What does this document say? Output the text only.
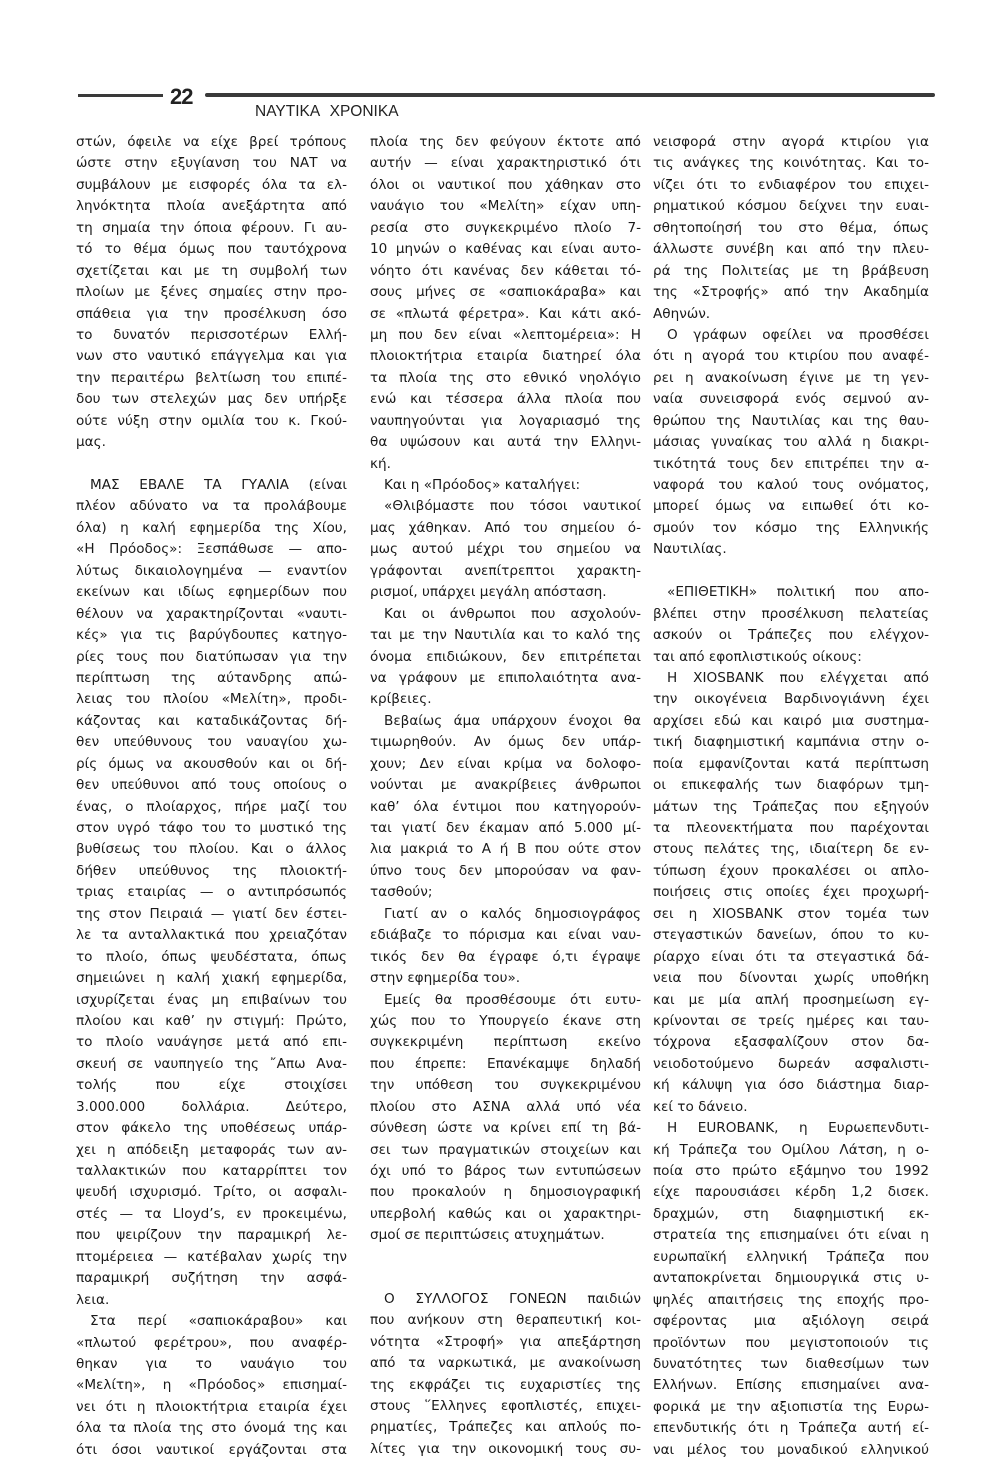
22
ΝΑΥΤΙΚΑ ΧΡΟΝΙΚΑ
στών, όφειλε να είχε βρεί τρόπους
ώστε στην εξυγίανση του ΝΑΤ να
συμβάλουν με εισφορές όλα τα ελ-
ληνόκτητα πλοία ανεξάρτητα από
τη σημαία την όποια φέρουν. Γι αυ-
τό το θέμα όμως που ταυτόχρονα
σχετίζεται και με τη συμβολή των
πλοίων με ξένες σημαίες στην προ-
σπάθεια για την προσέλκυση όσο
το δυνατόν περισσοτέρων Ελλή-
νων στο ναυτικό επάγγελμα και για
την περαιτέρω βελτίωση του επιπέ-
δου των στελεχών μας δεν υπήρξε
ούτε νύξη στην ομιλία του κ. Γκού-
μας.
ΜΑΣ ΕΒΑΛΕ ΤΑ ΓΥΑΛΙΑ (είναι
πλέον αδύνατο να τα προλάβουμε
όλα) η καλή εφημερίδα της Χίου,
«Η Πρόοδος»: Ξεσπάθωσε — απο-
λύτως δικαιολογημένα — εναντίον
εκείνων και ιδίως εφημερίδων που
θέλουν να χαρακτηρίζονται «ναυτι-
κές» για τις βαρύγδουπες κατηγο-
ρίες τους που διατύπωσαν για την
περίπτωση της αύτανδρης απώ-
λειας του πλοίου «Μελίτη», προδι-
κάζοντας και καταδικάζοντας δή-
θεν υπεύθυνους του ναυαγίου χω-
ρίς όμως να ακουσθούν και οι δή-
θεν υπεύθυνοι από τους οποίους ο
ένας, ο πλοίαρχος, πήρε μαζί του
στον υγρό τάφο του το μυστικό της
βυθίσεως του πλοίου. Και ο άλλος
δήθεν υπεύθυνος της πλοιοκτή-
τριας εταιρίας — ο αντιπρόσωπός
της στον Πειραιά — γιατί δεν έστει-
λε τα ανταλλακτικά που χρειαζόταν
το πλοίο, όπως ψευδέστατα, όπως
σημειώνει η καλή χιακή εφημερίδα,
ισχυρίζεται ένας μη επιβαίνων του
πλοίου και καθ’ ην στιγμή: Πρώτο,
το πλοίο ναυάγησε μετά από επι-
σκευή σε ναυπηγείο της ῎Απω Ανα-
τολής που είχε στοιχίσει
3.000.000 δολλάρια. Δεύτερο,
στον φάκελο της υποθέσεως υπάρ-
χει η απόδειξη μεταφοράς των αν-
ταλλακτικών που καταρρίπτει τον
ψευδή ισχυρισμό. Τρίτο, οι ασφαλι-
στές — τα Lloyd’s, εν προκειμένω,
που ψειρίζουν την παραμικρή λε-
πτομέρειεα — κατέβαλαν χωρίς την
παραμικρή συζήτηση την ασφά-
λεια.
Στα περί «σαπιοκάραβου» και
«πλωτού φερέτρου», που αναφέρ-
θηκαν για το ναυάγιο του
«Μελίτη», η «Πρόοδος» επισημαί-
νει ότι η πλοιοκτήτρια εταιρία έχει
όλα τα πλοία της στο όνομά της και
ότι όσοι ναυτικοί εργάζονται στα
πλοία της δεν φεύγουν έκτοτε από
αυτήν — είναι χαρακτηριστικό ότι
όλοι οι ναυτικοί που χάθηκαν στο
ναυάγιο του «Μελίτη» είχαν υπη-
ρεσία στο συγκεκριμένο πλοίο 7-
10 μηνών ο καθένας και είναι αυτο-
νόητο ότι κανένας δεν κάθεται τό-
σους μήνες σε «σαπιοκάραβα» και
σε «πλωτά φέρετρα». Και κάτι ακό-
μη που δεν είναι «λεπτομέρεια»: Η
πλοιοκτήτρια εταιρία διατηρεί όλα
τα πλοία της στο εθνικό νηολόγιο
ενώ και τέσσερα άλλα πλοία που
ναυπηγούνται για λογαριασμό της
θα υψώσουν και αυτά την Ελληνι-
κή.
Και η «Πρόοδος» καταλήγει:
«Θλιβόμαστε που τόσοι ναυτικοί
μας χάθηκαν. Από του σημείου ό-
μως αυτού μέχρι του σημείου να
γράφονται ανεπίτρεπτοι χαρακτη-
ρισμοί, υπάρχει μεγάλη απόσταση.
Και οι άνθρωποι που ασχολούν-
ται με την Ναυτιλία και το καλό της
όνομα επιδιώκουν, δεν επιτρέπεται
να γράφουν με επιπολαιότητα ανα-
κρίβειες.
Βεβαίως άμα υπάρχουν ένοχοι θα
τιμωρηθούν. Αν όμως δεν υπάρ-
χουν; Δεν είναι κρίμα να δολοφο-
νούνται με ανακρίβειες άνθρωποι
καθ’ όλα έντιμοι που κατηγορούν-
ται γιατί δεν έκαμαν από 5.000 μί-
λια μακριά το Α ή Β που ούτε στον
ύπνο τους δεν μπορούσαν να φαν-
τασθούν;
Γιατί αν ο καλός δημοσιογράφος
εδιάβαζε το πόρισμα και είναι ναυ-
τικός δεν θα έγραφε ό,τι έγραψε
στην εφημερίδα του».
Εμείς θα προσθέσουμε ότι ευτυ-
χώς που το Υπουργείο έκανε στη
συγκεκριμένη περίπτωση εκείνο
που έπρεπε: Επανέκαμψε δηλαδή
την υπόθεση του συγκεκριμένου
πλοίου στο ΑΣΝΑ αλλά υπό νέα
σύνθεση ώστε να κρίνει επί τη βά-
σει των πραγματικών στοιχείων και
όχι υπό το βάρος των εντυπώσεων
που προκαλούν η δημοσιογραφική
υπερβολή καθώς και οι χαρακτηρι-
σμοί σε περιπτώσεις ατυχημάτων.
Ο ΣΥΛΛΟΓΟΣ ΓΟΝΕΩΝ παιδιών
που ανήκουν στη θεραπευτική κοι-
νότητα «Στροφή» για απεξάρτηση
από τα ναρκωτικά, με ανακοίνωση
της εκφράζει τις ευχαριστίες της
στους ῞Ελληνες εφοπλιστές, επιχει-
ρηματίες, Τράπεζες και απλούς πο-
λίτες για την οικονομική τους συ-
νεισφορά στην αγορά κτιρίου για
τις ανάγκες της κοινότητας. Και το-
νίζει ότι το ενδιαφέρον του επιχει-
ρηματικού κόσμου δείχνει την ευαι-
σθητοποίησή του στο θέμα, όπως
άλλωστε συνέβη και από την πλευ-
ρά της Πολιτείας με τη βράβευση
της «Στροφής» από την Ακαδημία
Αθηνών.
Ο γράφων οφείλει να προσθέσει
ότι η αγορά του κτιρίου που αναφέ-
ρει η ανακοίνωση έγινε με τη γεν-
ναία συνεισφορά ενός σεμνού αν-
θρώπου της Ναυτιλίας και της θαυ-
μάσιας γυναίκας του αλλά η διακρι-
τικότητά τους δεν επιτρέπει την α-
ναφορά του καλού τους ονόματος,
μπορεί όμως να ειπωθεί ότι κο-
σμούν τον κόσμο της Ελληνικής
Ναυτιλίας.
«ΕΠΙΘΕΤΙΚΗ» πολιτική που απο-
βλέπει στην προσέλκυση πελατείας
ασκούν οι Τράπεζες που ελέγχον-
ται από εφοπλιστικούς οίκους:
Η XIOSBANK που ελέγχεται από
την οικογένεια Βαρδινογιάννη έχει
αρχίσει εδώ και καιρό μια συστημα-
τική διαφημιστική καμπάνια στην ο-
ποία εμφανίζονται κατά περίπτωση
οι επικεφαλής των διαφόρων τμη-
μάτων της Τράπεζας που εξηγούν
τα πλεονεκτήματα που παρέχονται
στους πελάτες της, ιδιαίτερη δε εν-
τύπωση έχουν προκαλέσει οι απλο-
ποιήσεις στις οποίες έχει προχωρή-
σει η XIOSBANK στον τομέα των
στεγαστικών δανείων, όπου το κυ-
ρίαρχο είναι ότι τα στεγαστικά δά-
νεια που δίνονται χωρίς υποθήκη
και με μία απλή προσημείωση εγ-
κρίνονται σε τρείς ημέρες και ταυ-
τόχρονα εξασφαλίζουν στον δα-
νειοδοτούμενο δωρεάν ασφαλιστι-
κή κάλυψη για όσο διάστημα διαρ-
κεί το δάνειο.
Η EUROBANK, η Ευρωεπενδυτι-
κή Τράπεζα του Ομίλου Λάτση, η ο-
ποία στο πρώτο εξάμηνο του 1992
είχε παρουσιάσει κέρδη 1,2 δισεκ.
δραχμών, στη διαφημιστική εκ-
στρατεία της επισημαίνει ότι είναι η
ευρωπαϊκή ελληνική Τράπεζα που
ανταποκρίνεται δημιουργικά στις υ-
ψηλές απαιτήσεις της εποχής προ-
σφέροντας μια αξιόλογη σειρά
προϊόντων που μεγιστοποιούν τις
δυνατότητες των διαθεσίμων των
Ελλήνων. Επίσης επισημαίνει ανα-
φορικά με την αξιοπιστία της Ευρω-
επενδυτικής ότι η Τράπεζα αυτή εί-
ναι μέλος του μοναδικού ελληνικού
